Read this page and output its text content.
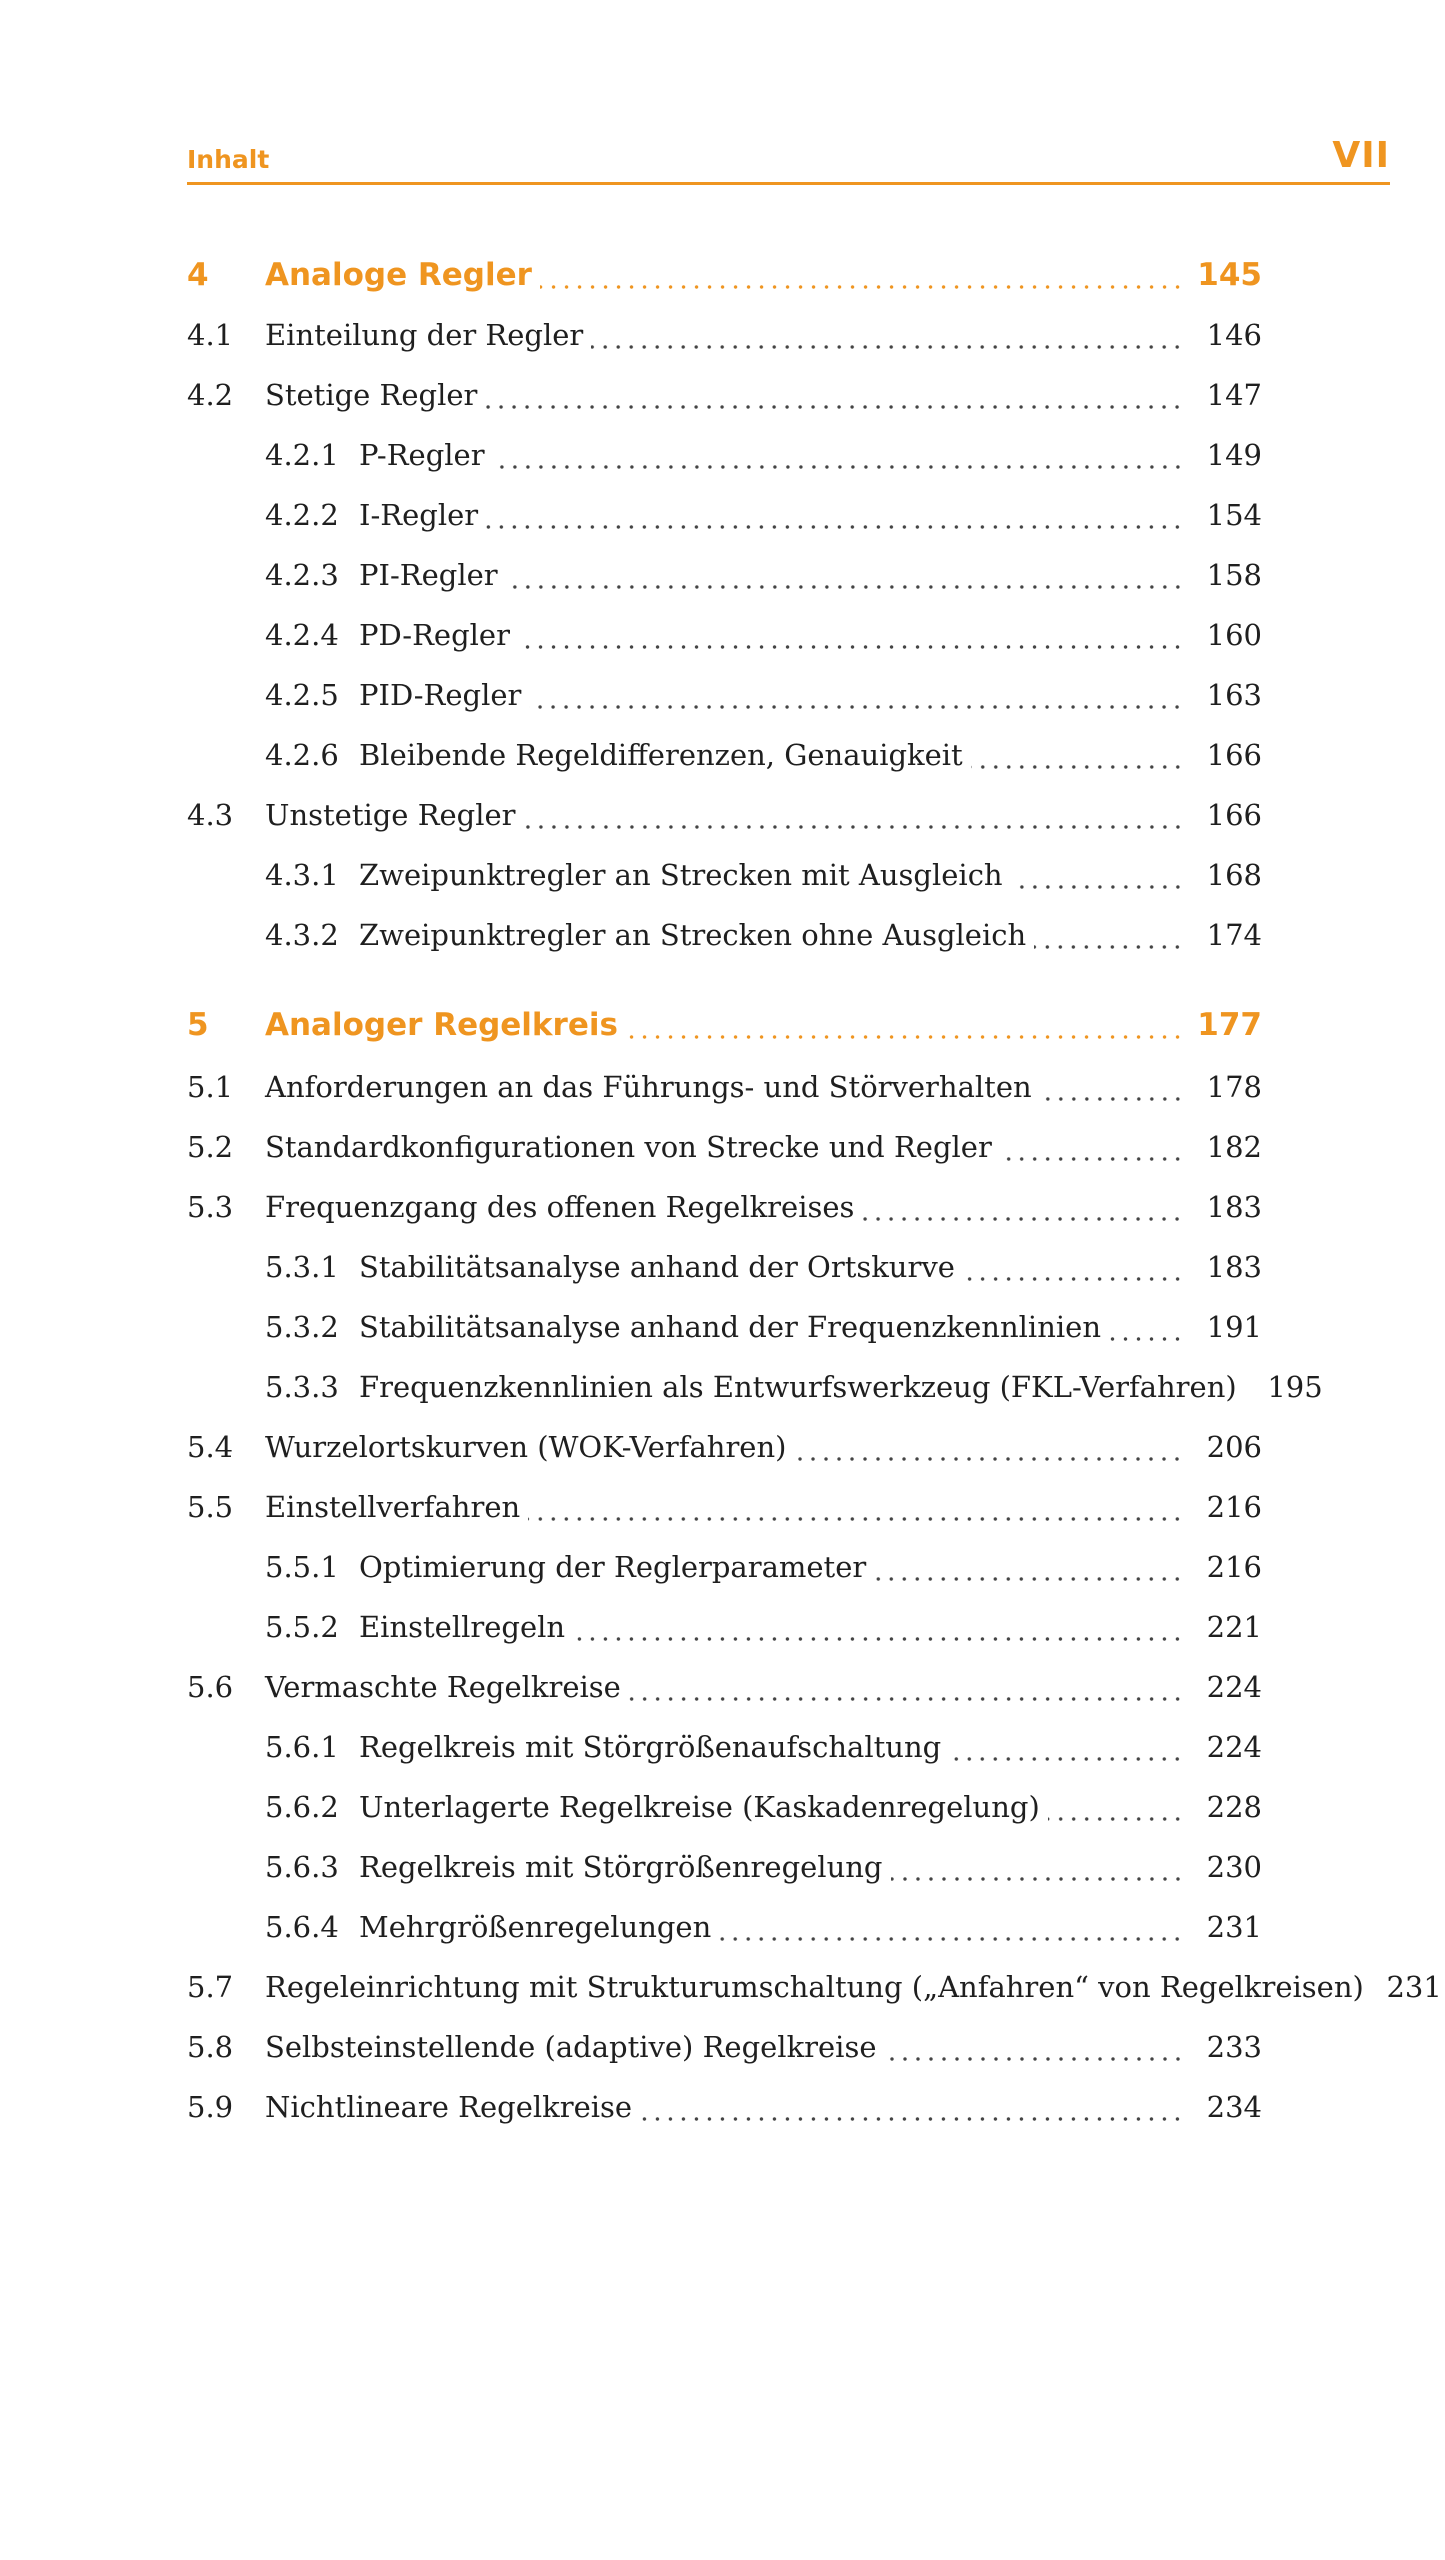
Inhalt	VII
4	Analoge Regler	145
4.1	Einteilung der Regler	146
4.2	Stetige Regler	147
4.2.1 P-Regler	149
4.2.2 I-Regler	154
4.2.3 PI-Regler	158
4.2.4 PD-Regler	160
4.2.5 PID-Regler	163
4.2.6 Bleibende Regeldifferenzen, Genauigkeit	166
4.3	Unstetige Regler	166
4.3.1 Zweipunktregler an Strecken mit Ausgleich	168
4.3.2 Zweipunktregler an Strecken ohne Ausgleich	174
5	Analoger Regelkreis	177
5.1	Anforderungen an das Führungs- und Störverhalten	178
5.2	Standardkonfigurationen von Strecke und Regler	182
5.3	Frequenzgang des offenen Regelkreises	183
5.3.1 Stabilitätsanalyse anhand der Ortskurve	183
5.3.2 Stabilitätsanalyse anhand der Frequenzkennlinien	191
5.3.3 Frequenzkennlinien als Entwurfswerkzeug (FKL-Verfahren)	195
5.4	Wurzelortskurven (WOK-Verfahren)	206
5.5	Einstellverfahren	216
5.5.1 Optimierung der Reglerparameter	216
5.5.2 Einstellregeln	221
5.6	Vermaschte Regelkreise	224
5.6.1 Regelkreis mit Störgrößenaufschaltung	224
5.6.2 Unterlagerte Regelkreise (Kaskadenregelung)	228
5.6.3 Regelkreis mit Störgrößenregelung	230
5.6.4 Mehrgrößenregelungen	231
5.7	Regeleinrichtung mit Strukturumschaltung („Anfahren“ von Regelkreisen) 231
5.8	Selbsteinstellende (adaptive) Regelkreise	233
5.9	Nichtlineare Regelkreise	234
